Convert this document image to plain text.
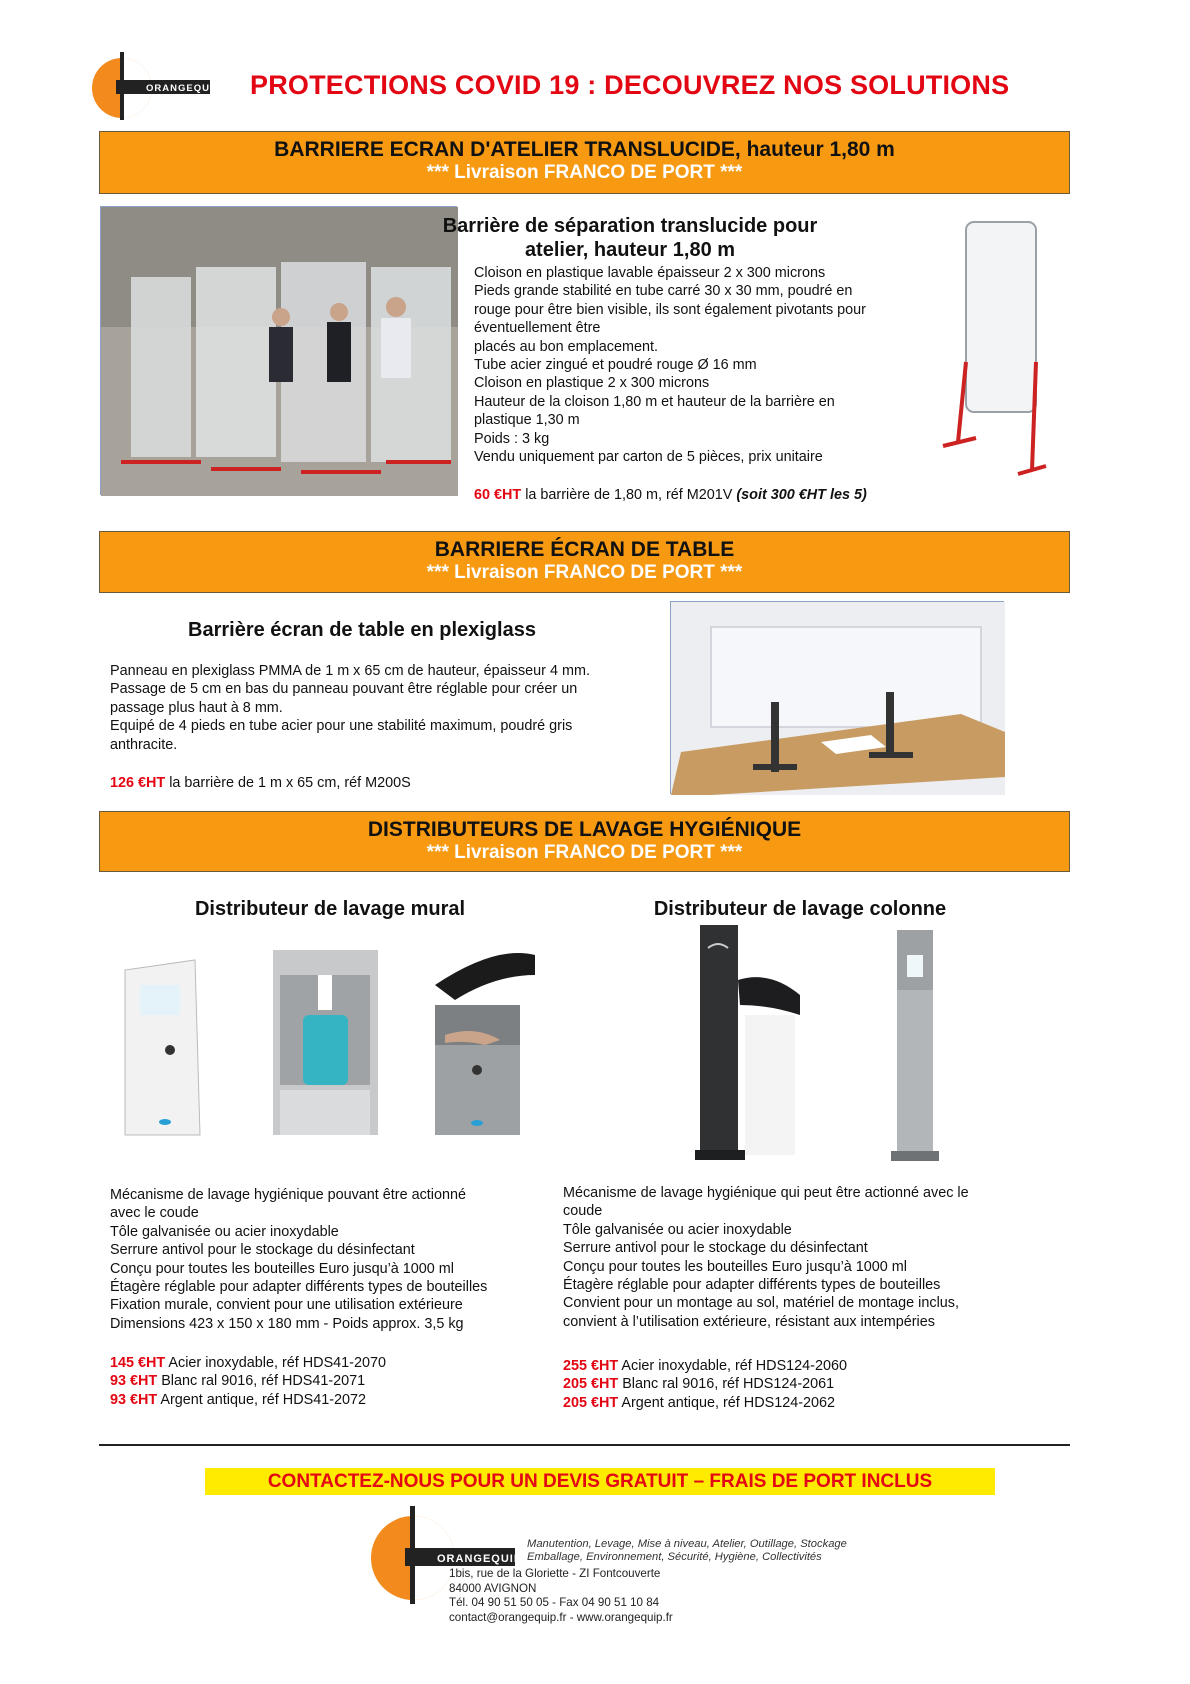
ORANGEQUIP PROTECTIONS COVID 19 : DECOUVREZ NOS SOLUTIONS
BARRIERE ECRAN D'ATELIER TRANSLUCIDE, hauteur 1,80 m
*** Livraison FRANCO DE PORT ***
Barrière de séparation translucide pour
atelier, hauteur 1,80 m
Cloison en plastique lavable épaisseur 2 x 300 microns
Pieds grande stabilité en tube carré 30 x 30 mm, poudré en
rouge pour être bien visible, ils sont également pivotants pour
éventuellement être
placés au bon emplacement.
Tube acier zingué et poudré rouge Ø 16 mm
Cloison en plastique 2 x 300 microns
Hauteur de la cloison 1,80 m et hauteur de la barrière en
plastique 1,30 m
Poids : 3 kg
Vendu uniquement par carton de 5 pièces, prix unitaire
60 €HT la barrière de 1,80 m, réf M201V (soit 300 €HT les 5)
BARRIERE ÉCRAN DE TABLE
*** Livraison FRANCO DE PORT ***
Barrière écran de table en plexiglass
Panneau en plexiglass PMMA de 1 m x 65 cm de hauteur, épaisseur 4 mm.
Passage de 5 cm en bas du panneau pouvant être réglable pour créer un
passage plus haut à 8 mm.
Equipé de 4 pieds en tube acier pour une stabilité maximum, poudré gris
anthracite.
126 €HT la barrière de 1 m x 65 cm, réf M200S
DISTRIBUTEURS DE LAVAGE HYGIÉNIQUE
*** Livraison FRANCO DE PORT ***
Distributeur de lavage mural	Distributeur de lavage colonne
Mécanisme de lavage hygiénique pouvant être actionné
avec le coude
Tôle galvanisée ou acier inoxydable
Serrure antivol pour le stockage du désinfectant
Conçu pour toutes les bouteilles Euro jusqu’à 1000 ml
Étagère réglable pour adapter différents types de bouteilles
Fixation murale, convient pour une utilisation extérieure
Dimensions 423 x 150 x 180 mm - Poids approx. 3,5 kg
145 €HT Acier inoxydable, réf HDS41-2070
93 €HT Blanc ral 9016, réf HDS41-2071
93 €HT Argent antique, réf HDS41-2072
Mécanisme de lavage hygiénique qui peut être actionné avec le
coude
Tôle galvanisée ou acier inoxydable
Serrure antivol pour le stockage du désinfectant
Conçu pour toutes les bouteilles Euro jusqu’à 1000 ml
Étagère réglable pour adapter différents types de bouteilles
Convient pour un montage au sol, matériel de montage inclus,
convient à l’utilisation extérieure, résistant aux intempéries
255 €HT Acier inoxydable, réf HDS124-2060
205 €HT Blanc ral 9016, réf HDS124-2061
205 €HT Argent antique, réf HDS124-2062
CONTACTEZ-NOUS POUR UN DEVIS GRATUIT – FRAIS DE PORT INCLUS
ORANGEQUIP
Manutention, Levage, Mise à niveau, Atelier, Outillage, Stockage
Emballage, Environnement, Sécurité, Hygiène, Collectivités
1bis, rue de la Gloriette - ZI Fontcouverte
84000 AVIGNON
Tél. 04 90 51 50 05 - Fax 04 90 51 10 84
contact@orangequip.fr - www.orangequip.fr
